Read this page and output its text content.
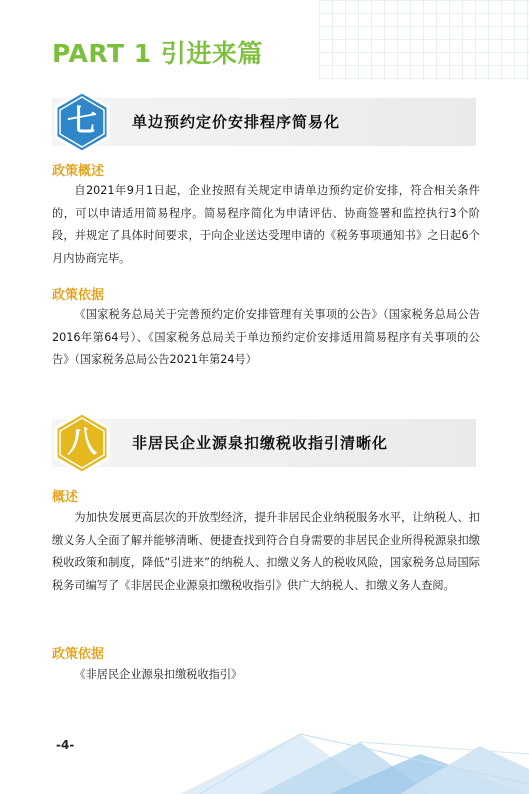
PART 1 引进来篇
七	单边预约定价安排程序简易化
政策概述
自2021年9月1日起，企业按照有关规定申请单边预约定价安排，符合相关条件的，可以申请适用简易程序。简易程序简化为申请评估、协商签署和监控执行3个阶段，并规定了具体时间要求，于向企业送达受理申请的《税务事项通知书》之日起6个月内协商完毕。
政策依据
《国家税务总局关于完善预约定价安排管理有关事项的公告》（国家税务总局公告2016年第64号）、《国家税务总局关于单边预约定价安排适用简易程序有关事项的公告》（国家税务总局公告2021年第24号）
八	非居民企业源泉扣缴税收指引清晰化
概述
为加快发展更高层次的开放型经济，提升非居民企业纳税服务水平，让纳税人、扣缴义务人全面了解并能够清晰、便捷查找到符合自身需要的非居民企业所得税源泉扣缴税收政策和制度，降低“引进来”的纳税人、扣缴义务人的税收风险，国家税务总局国际税务司编写了《非居民企业源泉扣缴税收指引》供广大纳税人、扣缴义务人查阅。
政策依据
《非居民企业源泉扣缴税收指引》
-4-
